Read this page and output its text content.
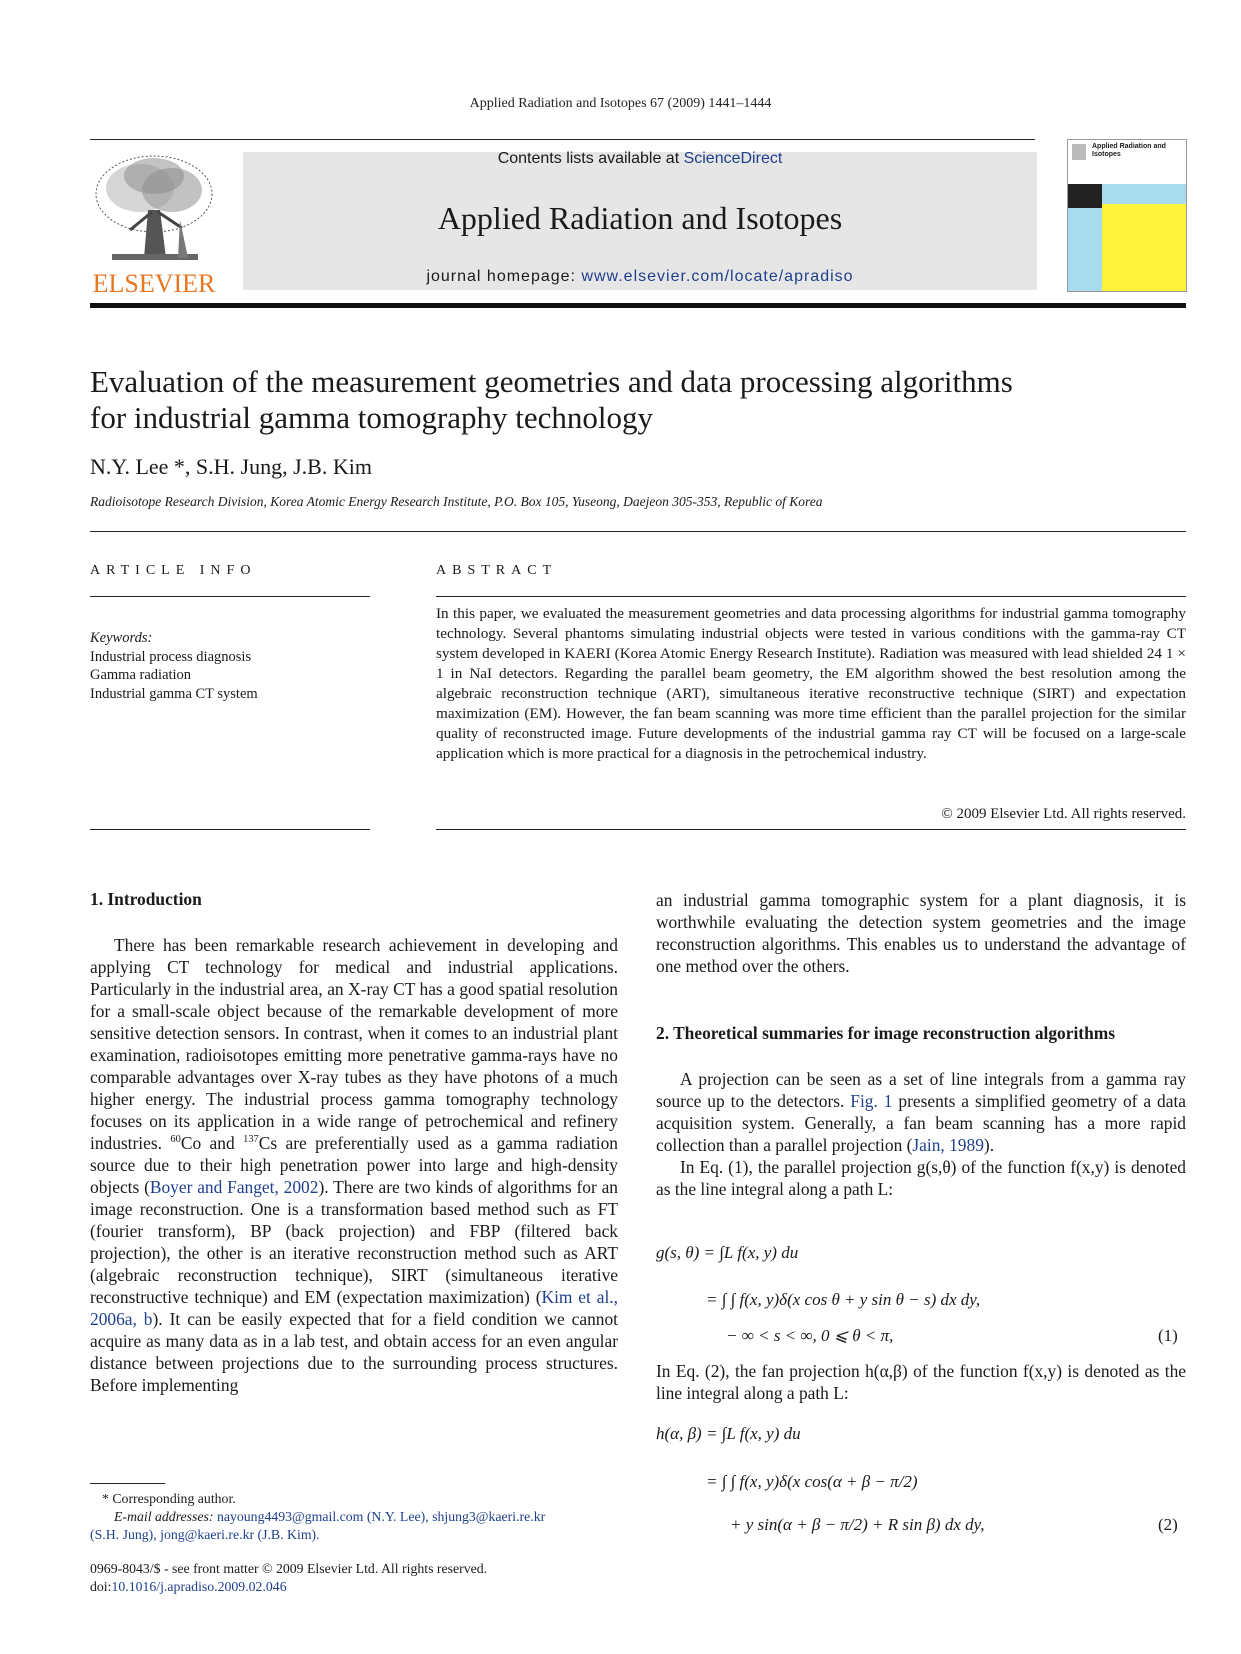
Applied Radiation and Isotopes 67 (2009) 1441–1444
ELSEVIER
Contents lists available at ScienceDirect
Applied Radiation and Isotopes
journal homepage: www.elsevier.com/locate/apradiso
Applied Radiation and Isotopes
Evaluation of the measurement geometries and data processing algorithms
for industrial gamma tomography technology
N.Y. Lee *, S.H. Jung, J.B. Kim
Radioisotope Research Division, Korea Atomic Energy Research Institute, P.O. Box 105, Yuseong, Daejeon 305-353, Republic of Korea
ARTICLE INFO
Keywords:
Industrial process diagnosis
Gamma radiation
Industrial gamma CT system
ABSTRACT
In this paper, we evaluated the measurement geometries and data processing algorithms for industrial gamma tomography technology. Several phantoms simulating industrial objects were tested in various conditions with the gamma-ray CT system developed in KAERI (Korea Atomic Energy Research Institute). Radiation was measured with lead shielded 24 1 × 1 in NaI detectors. Regarding the parallel beam geometry, the EM algorithm showed the best resolution among the algebraic reconstruction technique (ART), simultaneous iterative reconstructive technique (SIRT) and expectation maximization (EM). However, the fan beam scanning was more time efficient than the parallel projection for the similar quality of reconstructed image. Future developments of the industrial gamma ray CT will be focused on a large-scale application which is more practical for a diagnosis in the petrochemical industry.
© 2009 Elsevier Ltd. All rights reserved.
1. Introduction

There has been remarkable research achievement in developing and applying CT technology for medical and industrial applications. Particularly in the industrial area, an X-ray CT has a good spatial resolution for a small-scale object because of the remarkable development of more sensitive detection sensors. In contrast, when it comes to an industrial plant examination, radioisotopes emitting more penetrative gamma-rays have no comparable advantages over X-ray tubes as they have photons of a much higher energy. The industrial process gamma tomography technology focuses on its application in a wide range of petrochemical and refinery industries. $^{60}$Co and $^{137}$Cs are preferentially used as a gamma radiation source due to their high penetration power into large and high-density objects (Boyer and Fanget, 2002). There are two kinds of algorithms for an image reconstruction. One is a transformation based method such as FT (fourier transform), BP (back projection) and FBP (filtered back projection), the other is an iterative reconstruction method such as ART (algebraic reconstruction technique), SIRT (simultaneous iterative reconstructive technique) and EM (expectation maximization) (Kim et al., 2006a, b). It can be easily expected that for a field condition we cannot acquire as many data as in a lab test, and obtain access for an even angular distance between projections due to the surrounding process structures. Before implementing

* Corresponding author.
E-mail addresses: nayoung4493@gmail.com (N.Y. Lee), shjung3@kaeri.re.kr
(S.H. Jung), jong@kaeri.re.kr (J.B. Kim).
0969-8043/$ - see front matter © 2009 Elsevier Ltd. All rights reserved.
doi:10.1016/j.apradiso.2009.02.046
an industrial gamma tomographic system for a plant diagnosis, it is worthwhile evaluating the detection system geometries and the image reconstruction algorithms. This enables us to understand the advantage of one method over the others.
2. Theoretical summaries for image reconstruction algorithms

A projection can be seen as a set of line integrals from a gamma ray source up to the detectors. Fig. 1 presents a simplified geometry of a data acquisition system. Generally, a fan beam scanning has a more rapid collection than a parallel projection (Jain, 1989).

In Eq. (1), the parallel projection g(s,θ) of the function f(x,y) is denoted as the line integral along a path L:

g(s, θ) = ∫L f(x, y) du
= ∫ ∫ f(x, y)δ(x cos θ + y sin θ − s) dx dy,
− ∞ < s < ∞, 0 ⩽ θ < π,	(1)
In Eq. (2), the fan projection h(α,β) of the function f(x,y) is denoted as the line integral along a path L:
h(α, β) = ∫L f(x, y) du
= ∫ ∫ f(x, y)δ(x cos(α + β − π/2)
+ y sin(α + β − π/2) + R sin β) dx dy,	(2)
